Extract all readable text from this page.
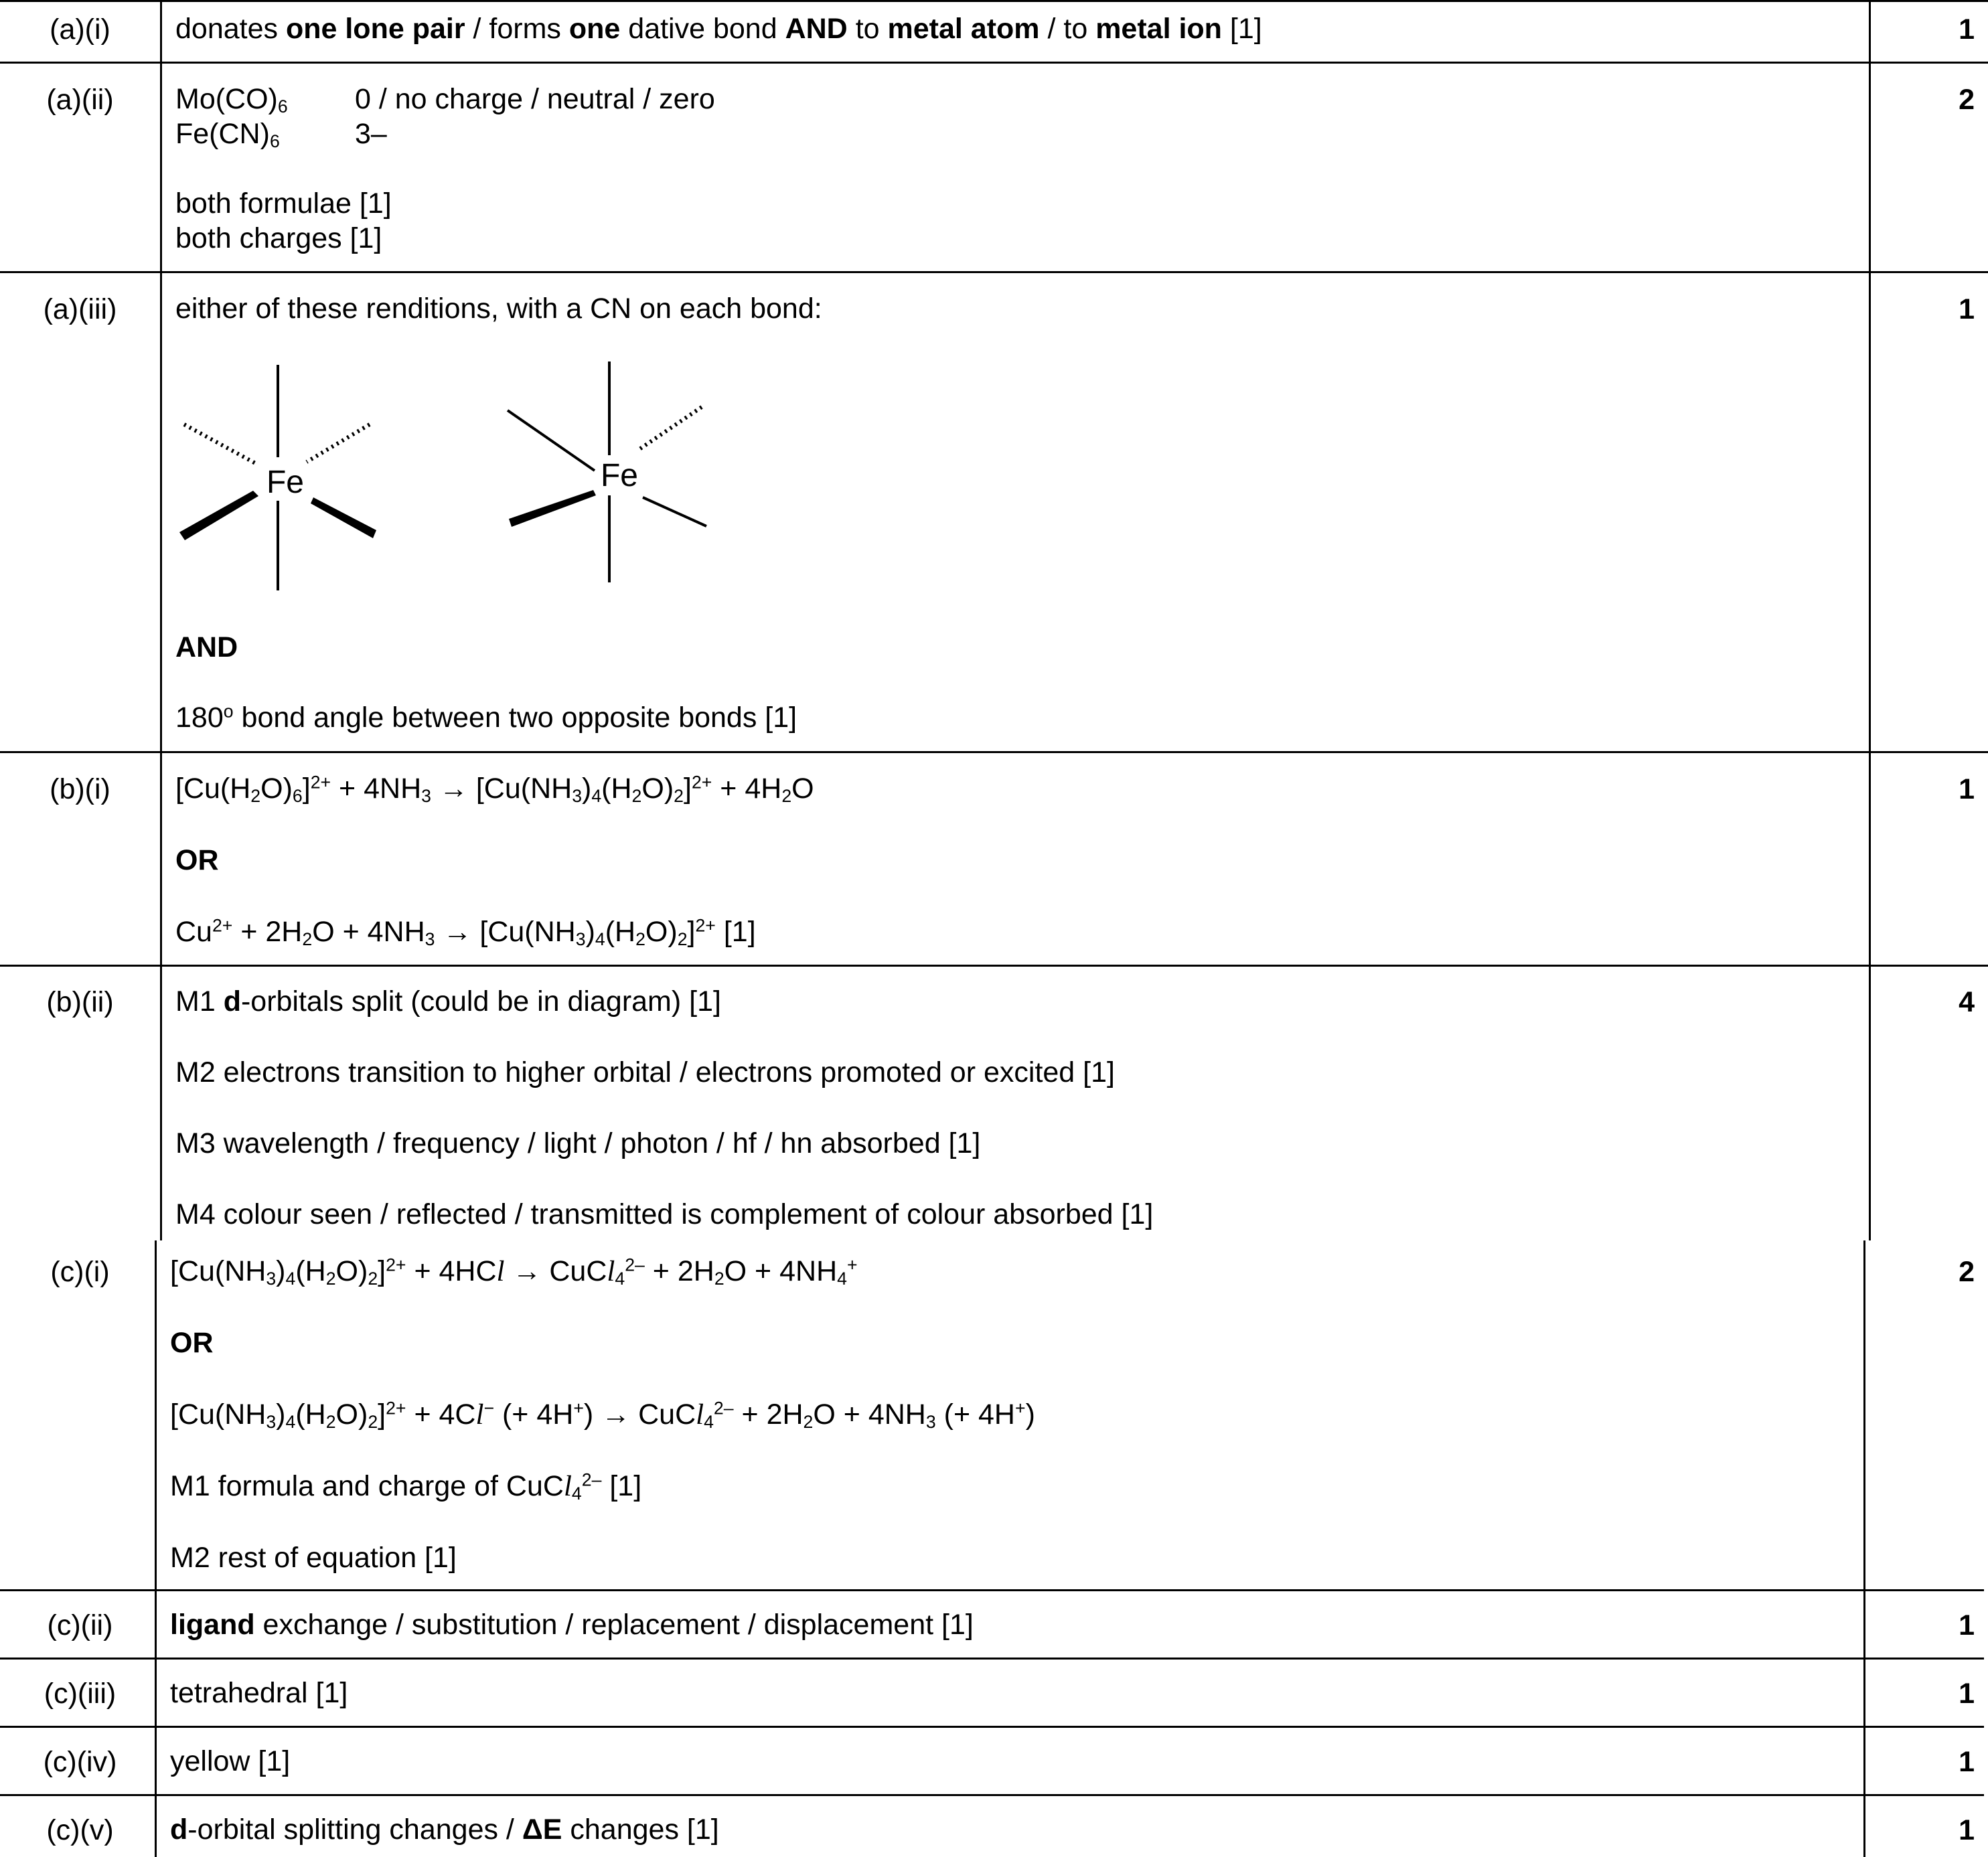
(a)(i)	donates one lone pair / forms one dative bond AND to metal atom / to metal ion [1]	1
(a)(ii)	$Mo(CO)_6$ 0 / no charge / neutral / zero
$Fe(CN)_6$	3–
both formulae [1]
both charges [1]
2
(a)(iii)	either of these renditions, with a CN on each bond:
AND
180$^o$ bond angle between two opposite bonds [1]
1
Fe	Fe
(b)(i)	$[Cu(H_2O)_6]^{2+} + 4NH_3 \to [Cu(NH_3)_4(H_2O)_2]^{2+} + 4H_2O$
OR
$Cu^{2+} + 2H_2O + 4NH_3 \to [Cu(NH_3)_4(H_2O)_2]^{2+}$ [1]
1
(b)(ii)	M1 d-orbitals split (could be in diagram) [1]
M2 electrons transition to higher orbital / electrons promoted or excited [1]
M3 wavelength / frequency / light / photon / hf / hn absorbed [1]
M4 colour seen / reflected / transmitted is complement of colour absorbed [1]
4
(c)(i)	$[Cu(NH_3)_4(H_2O)_2]^{2+} + 4HCl$ → CuCl$_4^{2-}$ + $2H_2O + 4NH_4^+$
OR
$[Cu(NH_3)_4(H_2O)_2]^{2+} + 4Cl^-$ (+ 4H+) → CuCl$_4^{2-}$ + $2H_2O + 4NH_3$ (+ 4H+)
M1 formula and charge of CuCl$_4^{2-}$ [1]
M2 rest of equation [1]
2
(c)(ii)	ligand exchange / substitution / replacement / displacement [1]	1
(c)(iii)	tetrahedral [1]	1
(c)(iv)	yellow [1]	1
(c)(v)	d-orbital splitting changes / ΔE changes [1]	1
